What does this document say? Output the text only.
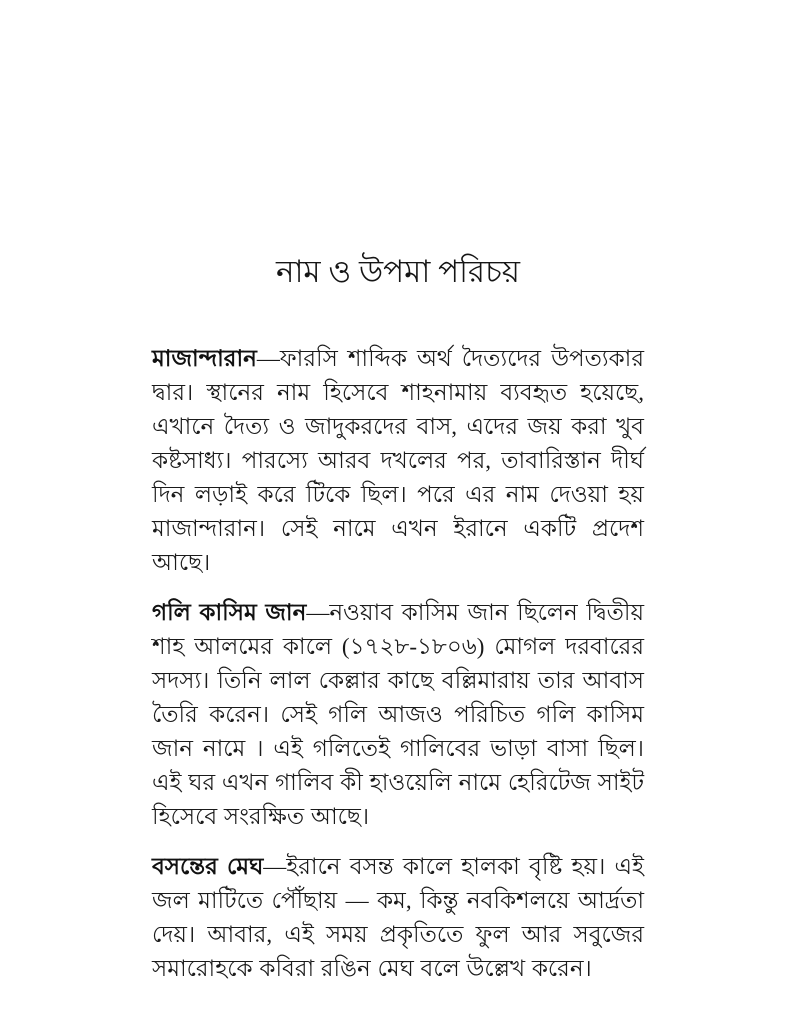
নাম ও উপমা পরিচয়

মাজান্দারান—ফারসি শাব্দিক অর্থ দৈত্যদের উপত্যকার দ্বার। স্থানের নাম হিসেবে শাহনামায় ব্যবহৃত হয়েছে, এখানে দৈত্য ও জাদুকরদের বাস, এদের জয় করা খুব কষ্টসাধ্য। পারস্যে আরব দখলের পর, তাবারিস্তান দীর্ঘ দিন লড়াই করে টিকে ছিল। পরে এর নাম দেওয়া হয় মাজান্দারান। সেই নামে এখন ইরানে একটি প্রদেশ আছে।

গলি কাসিম জান—নওয়াব কাসিম জান ছিলেন দ্বিতীয় শাহ আলমের কালে (১৭২৮-১৮০৬) মোগল দরবারের সদস্য। তিনি লাল কেল্লার কাছে বল্লিমারায় তার আবাস তৈরি করেন। সেই গলি আজও পরিচিত গলি কাসিম জান নামে । এই গলিতেই গালিবের ভাড়া বাসা ছিল। এই ঘর এখন গালিব কী হাওয়েলি নামে হেরিটেজ সাইট হিসেবে সংরক্ষিত আছে।

বসন্তের মেঘ—ইরানে বসন্ত কালে হালকা বৃষ্টি হয়। এই জল মাটিতে পৌঁছায় — কম, কিন্তু নবকিশলয়ে আর্দ্রতা দেয়। আবার, এই সময় প্রকৃতিতে ফুল আর সবুজের সমারোহকে কবিরা রঙিন মেঘ বলে উল্লেখ করেন।
